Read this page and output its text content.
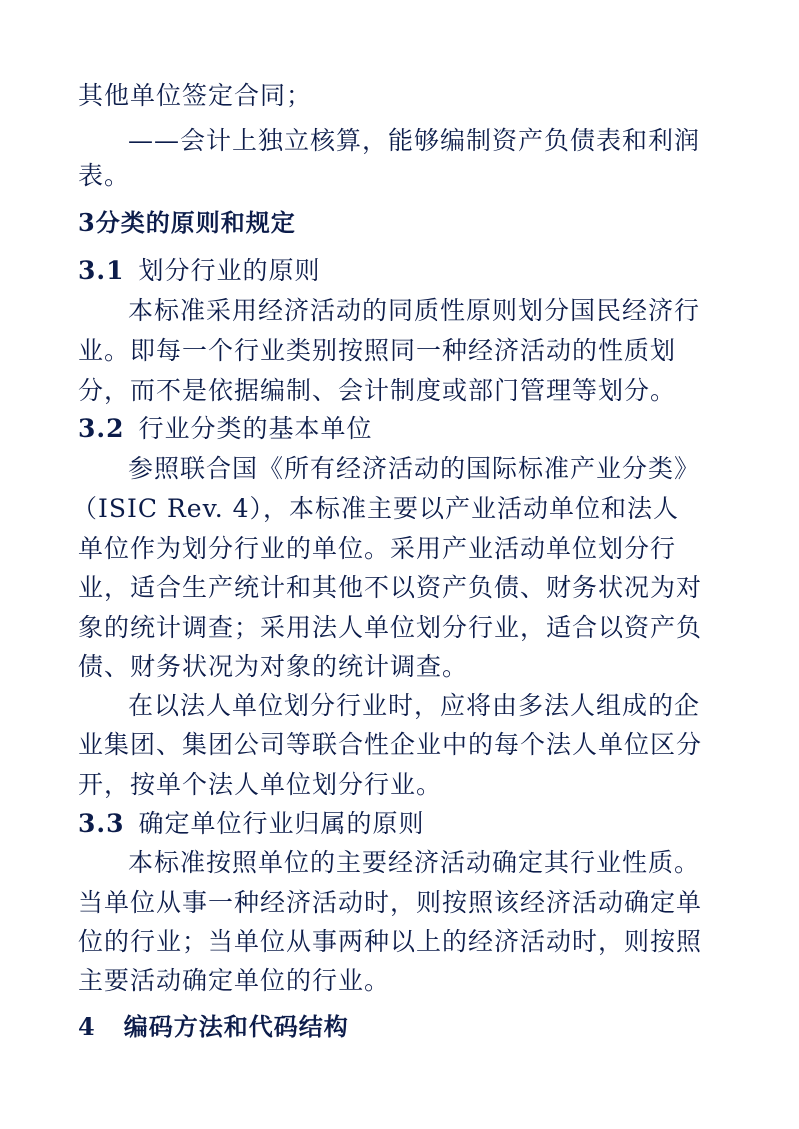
其他单位签定合同；
——会计上独立核算，能够编制资产负债表和利润
表。
3分类的原则和规定
3.1 划分行业的原则
本标准采用经济活动的同质性原则划分国民经济行
业。即每一个行业类别按照同一种经济活动的性质划
分，而不是依据编制、会计制度或部门管理等划分。
3.2 行业分类的基本单位
参照联合国《所有经济活动的国际标准产业分类》
（ISIC Rev. 4），本标准主要以产业活动单位和法人
单位作为划分行业的单位。采用产业活动单位划分行
业，适合生产统计和其他不以资产负债、财务状况为对
象的统计调查；采用法人单位划分行业，适合以资产负
债、财务状况为对象的统计调查。
在以法人单位划分行业时，应将由多法人组成的企
业集团、集团公司等联合性企业中的每个法人单位区分
开，按单个法人单位划分行业。
3.3 确定单位行业归属的原则
本标准按照单位的主要经济活动确定其行业性质。
当单位从事一种经济活动时，则按照该经济活动确定单
位的行业；当单位从事两种以上的经济活动时，则按照
主要活动确定单位的行业。
4 编码方法和代码结构
